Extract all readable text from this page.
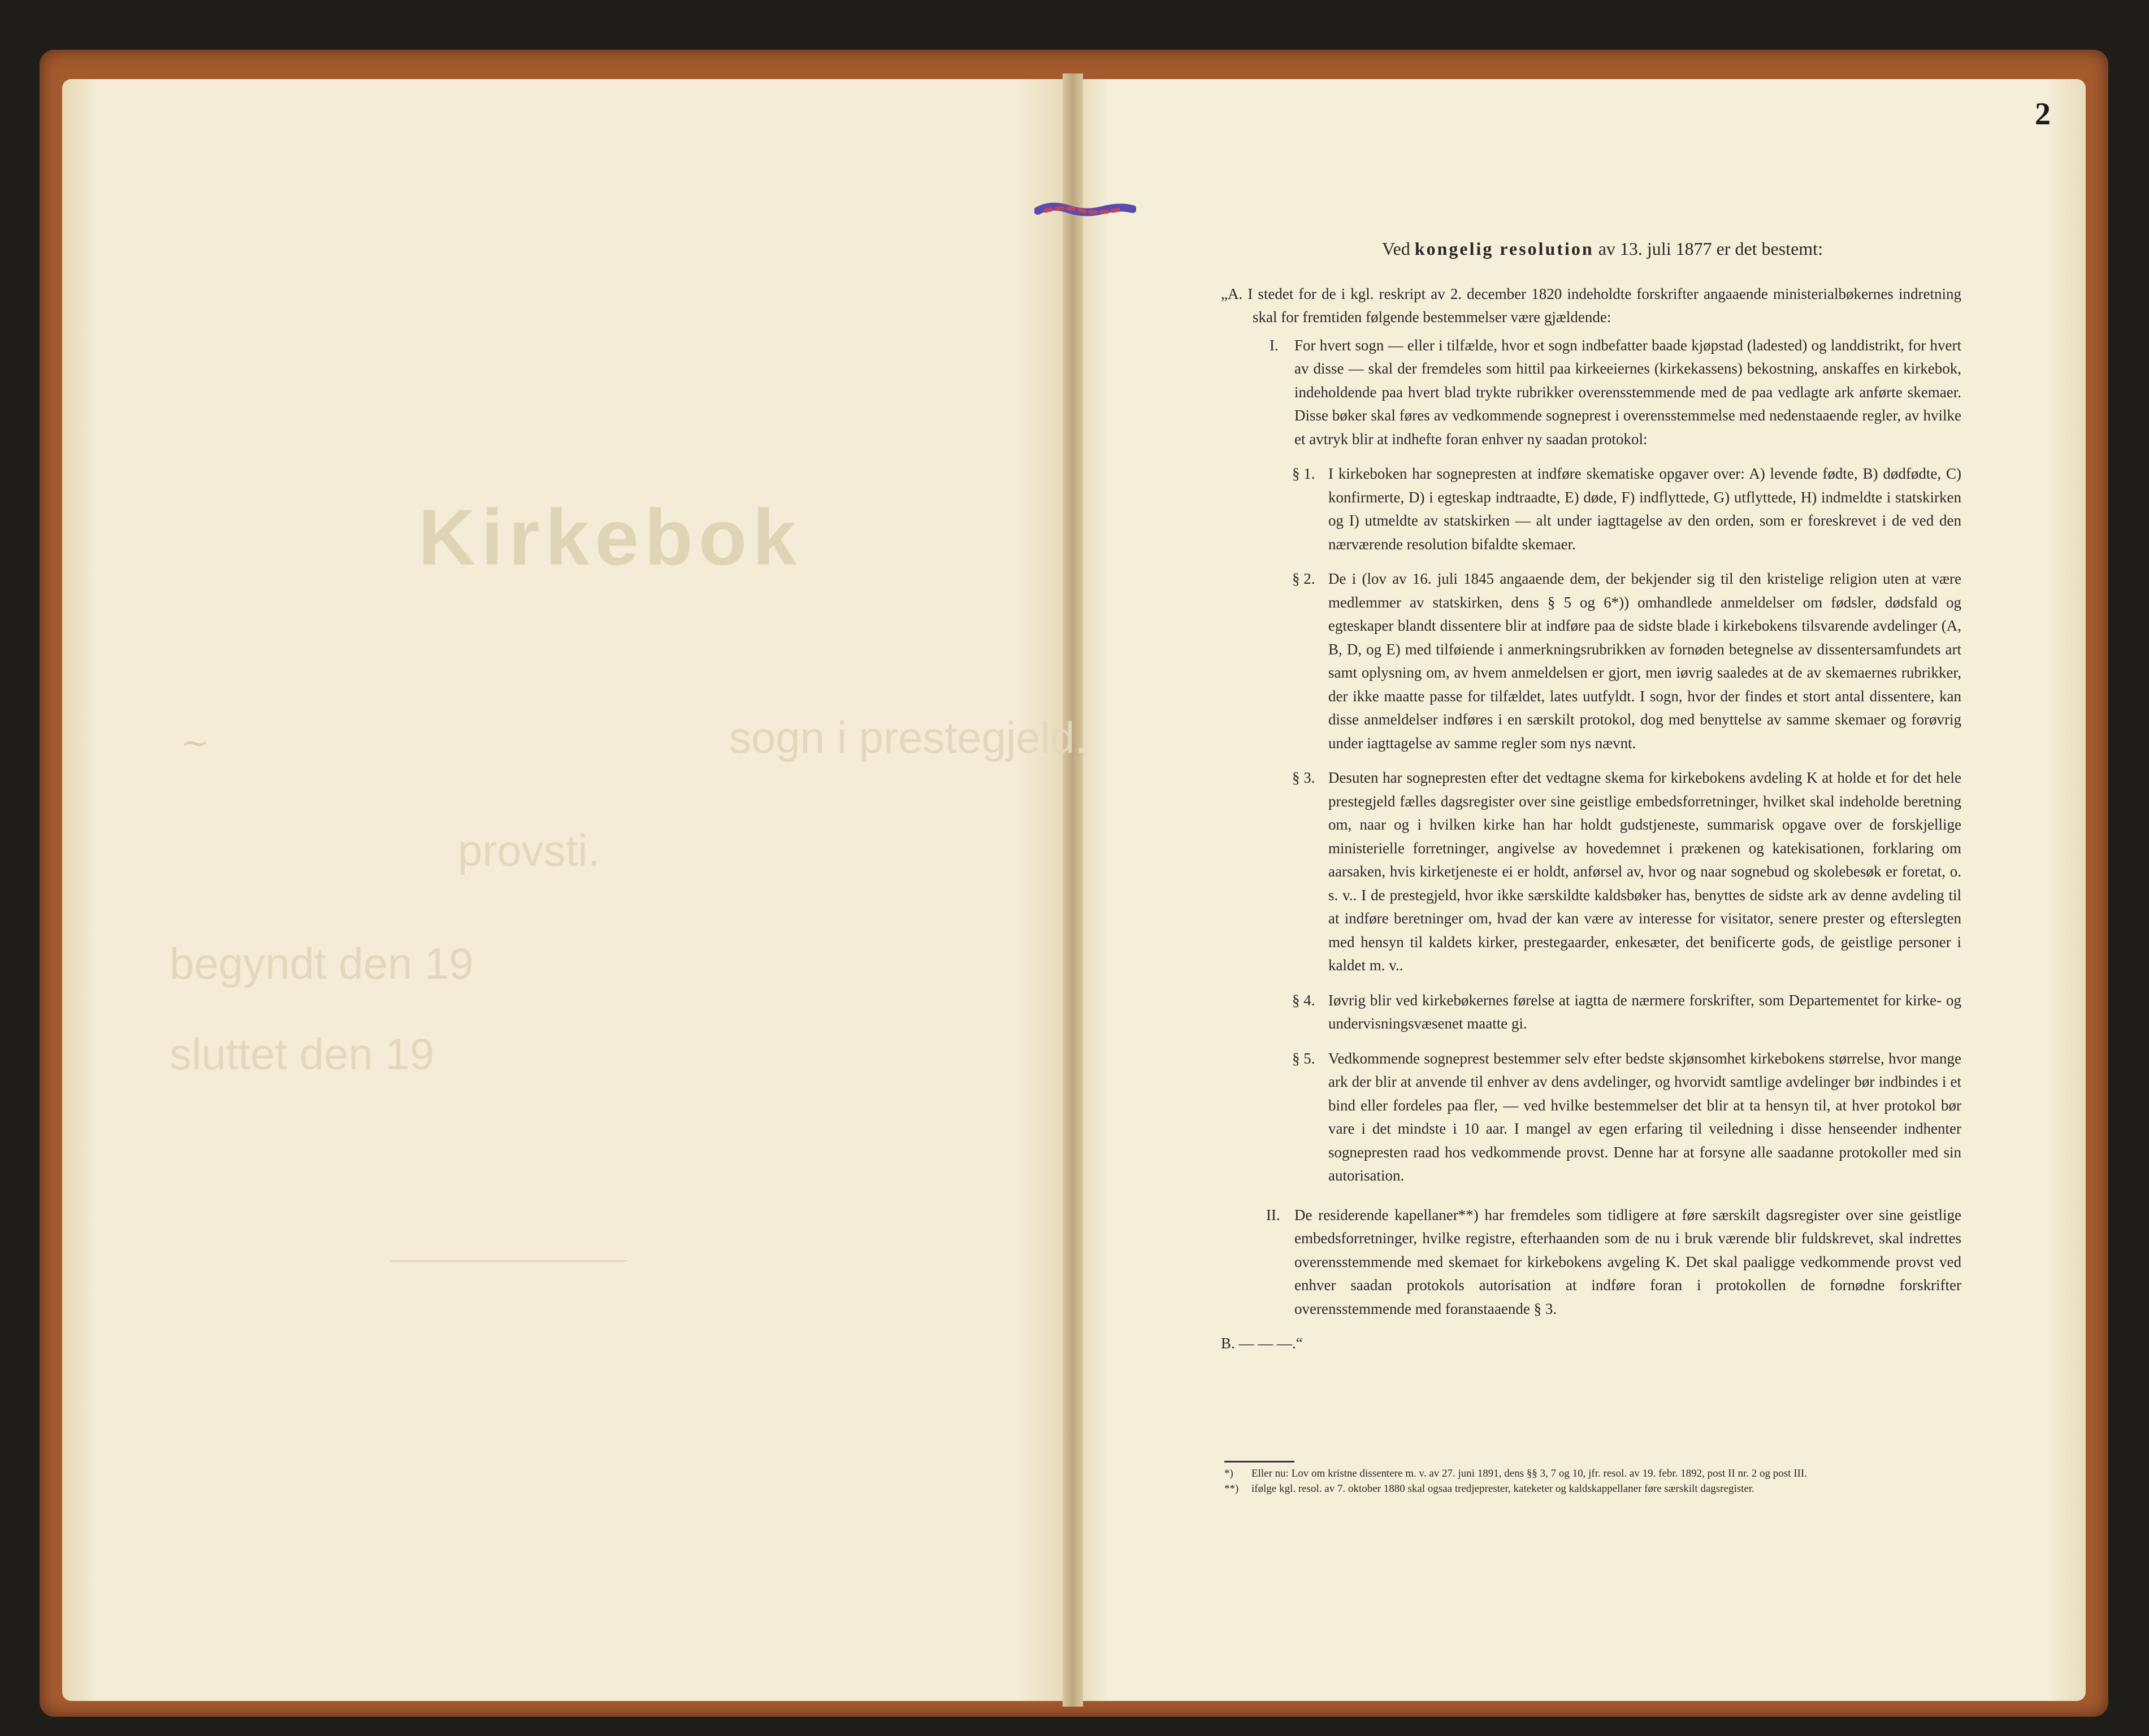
2
Kirkebok
sogn i prestegjeld.
~
provsti.
begyndt den 19
sluttet den 19

Ved kongelig resolution av 13. juli 1877 er det bestemt:

„A. I stedet for de i kgl. reskript av 2. december 1820 indeholdte forskrifter angaaende ministerialbøkernes indretning skal for fremtiden følgende bestemmelser være gjældende:

I. For hvert sogn — eller i tilfælde, hvor et sogn indbefatter baade kjøpstad (ladested) og landdistrikt, for hvert av disse — skal der fremdeles som hittil paa kirkeeiernes (kirkekassens) bekostning, anskaffes en kirkebok, indeholdende paa hvert blad trykte rubrikker overensstemmende med de paa vedlagte ark anførte skemaer. Disse bøker skal føres av vedkommende sogneprest i overensstemmelse med nedenstaaende regler, av hvilke et avtryk blir at indhefte foran enhver ny saadan protokol:
§ 1. I kirkeboken har sognepresten at indføre skematiske opgaver over: A) levende fødte, B) dødfødte, C) konfirmerte, D) i egteskap indtraadte, E) døde, F) indflyttede, G) utflyttede, H) indmeldte i statskirken og I) utmeldte av statskirken — alt under iagttagelse av den orden, som er foreskrevet i de ved den nærværende resolution bifaldte skemaer.
§ 2. De i (lov av 16. juli 1845 angaaende dem, der bekjender sig til den kristelige religion uten at være medlemmer av statskirken, dens § 5 og 6*)) omhandlede anmeldelser om fødsler, dødsfald og egteskaper blandt dissentere blir at indføre paa de sidste blade i kirkebokens tilsvarende avdelinger (A, B, D, og E) med tilføiende i anmerkningsrubrikken av fornøden betegnelse av dissentersamfundets art samt oplysning om, av hvem anmeldelsen er gjort, men iøvrig saaledes at de av skemaernes rubrikker, der ikke maatte passe for tilfældet, lates uutfyldt. I sogn, hvor der findes et stort antal dissentere, kan disse anmeldelser indføres i en særskilt protokol, dog med benyttelse av samme skemaer og forøvrig under iagttagelse av samme regler som nys nævnt.
§ 3. Desuten har sognepresten efter det vedtagne skema for kirkebokens avdeling K at holde et for det hele prestegjeld fælles dagsregister over sine geistlige embedsforretninger, hvilket skal indeholde beretning om, naar og i hvilken kirke han har holdt gudstjeneste, summarisk opgave over de forskjellige ministerielle forretninger, angivelse av hovedemnet i prækenen og katekisationen, forklaring om aarsaken, hvis kirketjeneste ei er holdt, anførsel av, hvor og naar sognebud og skolebesøk er foretat, o. s. v.. I de prestegjeld, hvor ikke særskildte kaldsbøker has, benyttes de sidste ark av denne avdeling til at indføre beretninger om, hvad der kan være av interesse for visitator, senere prester og efterslegten med hensyn til kaldets kirker, prestegaarder, enkesæter, det benificerte gods, de geistlige personer i kaldet m. v..
§ 4. Iøvrig blir ved kirkebøkernes førelse at iagtta de nærmere forskrifter, som Departementet for kirke- og undervisningsvæsenet maatte gi.
§ 5. Vedkommende sogneprest bestemmer selv efter bedste skjønsomhet kirkebokens størrelse, hvor mange ark der blir at anvende til enhver av dens avdelinger, og hvorvidt samtlige avdelinger bør indbindes i et bind eller fordeles paa fler, — ved hvilke bestemmelser det blir at ta hensyn til, at hver protokol bør vare i det mindste i 10 aar. I mangel av egen erfaring til veiledning i disse henseender indhenter sognepresten raad hos vedkommende provst. Denne har at forsyne alle saadanne protokoller med sin autorisation.
II. De residerende kapellaner**) har fremdeles som tidligere at føre særskilt dagsregister over sine geistlige embedsforretninger, hvilke registre, efterhaanden som de nu i bruk værende blir fuldskrevet, skal indrettes overensstemmende med skemaet for kirkebokens avgeling K. Det skal paaligge vedkommende provst ved enhver saadan protokols autorisation at indføre foran i protokollen de fornødne forskrifter overensstemmende med foranstaaende § 3.

B. — — —.“

*) Eller nu: Lov om kristne dissentere m. v. av 27. juni 1891, dens §§ 3, 7 og 10, jfr. resol. av 19. febr. 1892, post II nr. 2 og post III.
**) ifølge kgl. resol. av 7. oktober 1880 skal ogsaa tredjeprester, kateketer og kaldskappellaner føre særskilt dagsregister.
